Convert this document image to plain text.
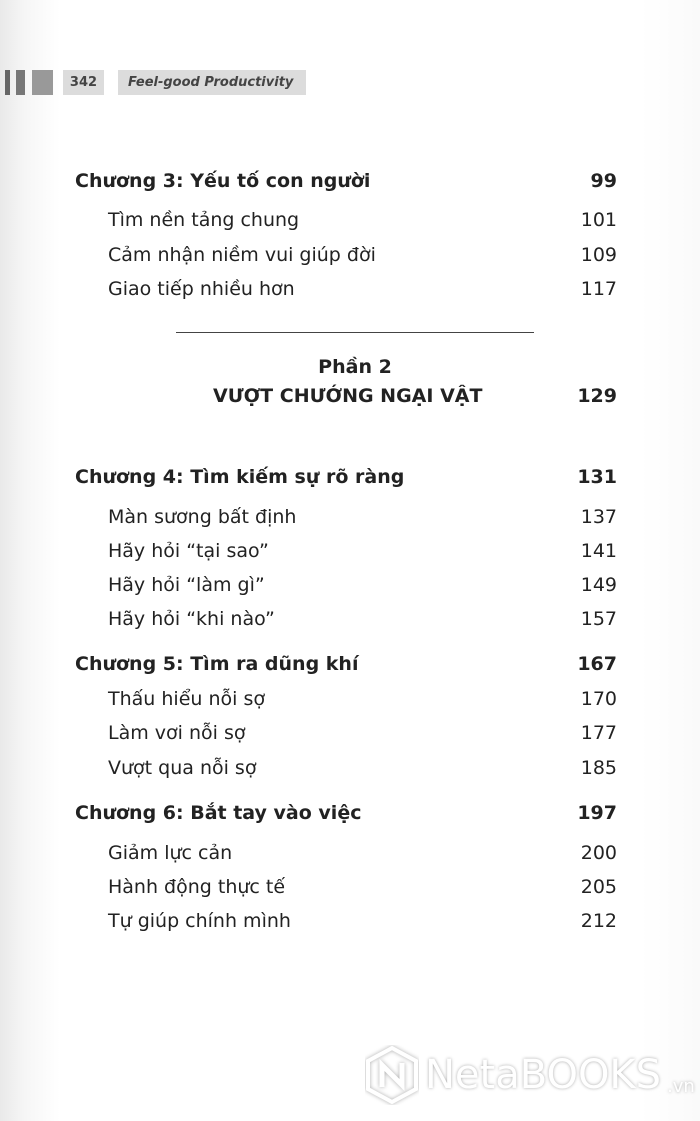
342	Feel-good Productivity
Chương 3: Yếu tố con người	99
Tìm nền tảng chung	101
Cảm nhận niềm vui giúp đời	109
Giao tiếp nhiều hơn	117
Phần 2
VƯỢT CHƯỚNG NGẠI VẬT	129
Chương 4: Tìm kiếm sự rõ ràng	131
Màn sương bất định	137
Hãy hỏi “tại sao”	141
Hãy hỏi “làm gì”	149
Hãy hỏi “khi nào”	157
Chương 5: Tìm ra dũng khí	167
Thấu hiểu nỗi sợ	170
Làm vơi nỗi sợ	177
Vượt qua nỗi sợ	185
Chương 6: Bắt tay vào việc	197
Giảm lực cản	200
Hành động thực tế	205
Tự giúp chính mình	212
NetaBOOKS .vn
